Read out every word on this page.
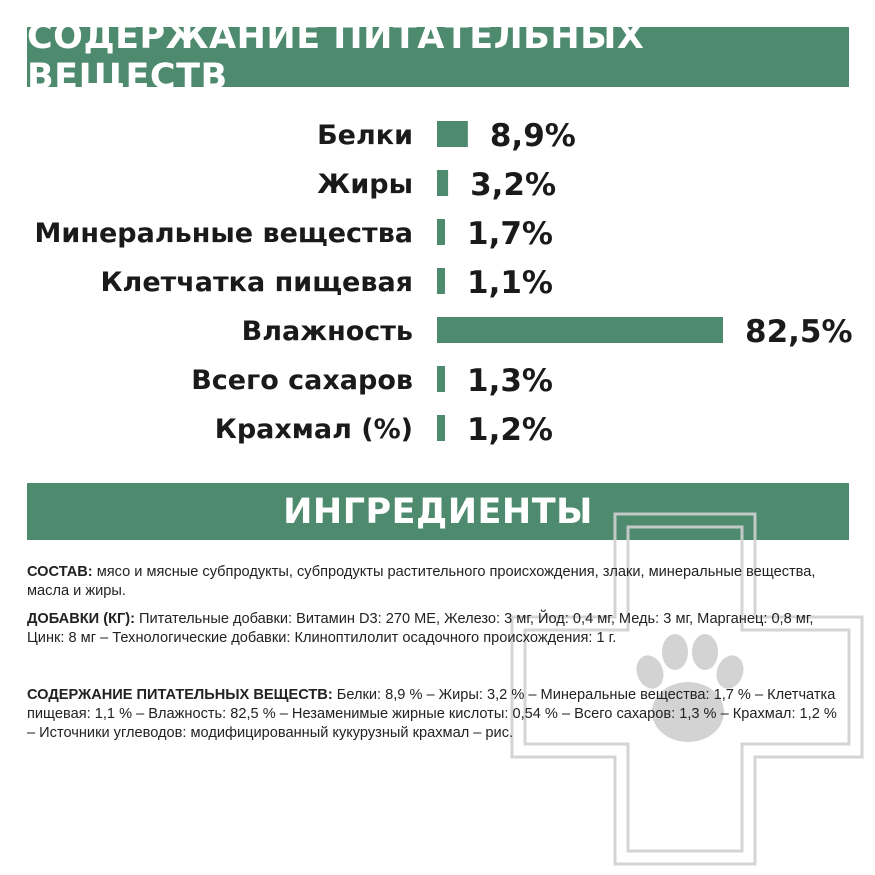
СОДЕРЖАНИЕ ПИТАТЕЛЬНЫХ ВЕЩЕСТВ
Белки 8,9%
Жиры 3,2%
Минеральные вещества 1,7%
Клетчатка пищевая 1,1%
Влажность	82,5%
Всего сахаров 1,3%
Крахмал (%) 1,2%
ИНГРЕДИЕНТЫ
СОСТАВ: мясо и мясные субпродукты, субпродукты растительного происхождения, злаки, минеральные вещества, масла и жиры.
ДОБАВКИ (КГ): Питательные добавки: Витамин D3: 270 МЕ, Железо: 3 мг, Йод: 0,4 мг, Медь: 3 мг, Марганец: 0,8 мг, Цинк: 8 мг – Технологические добавки: Клиноптилолит осадочного происхождения: 1 г.
СОДЕРЖАНИЕ ПИТАТЕЛЬНЫХ ВЕЩЕСТВ: Белки: 8,9 % – Жиры: 3,2 % – Минеральные вещества: 1,7 % – Клетчатка пищевая: 1,1 % – Влажность: 82,5 % – Незаменимые жирные кислоты: 0,54 % – Всего сахаров: 1,3 % – Крахмал: 1,2 % – Источники углеводов: модифицированный кукурузный крахмал – рис.
